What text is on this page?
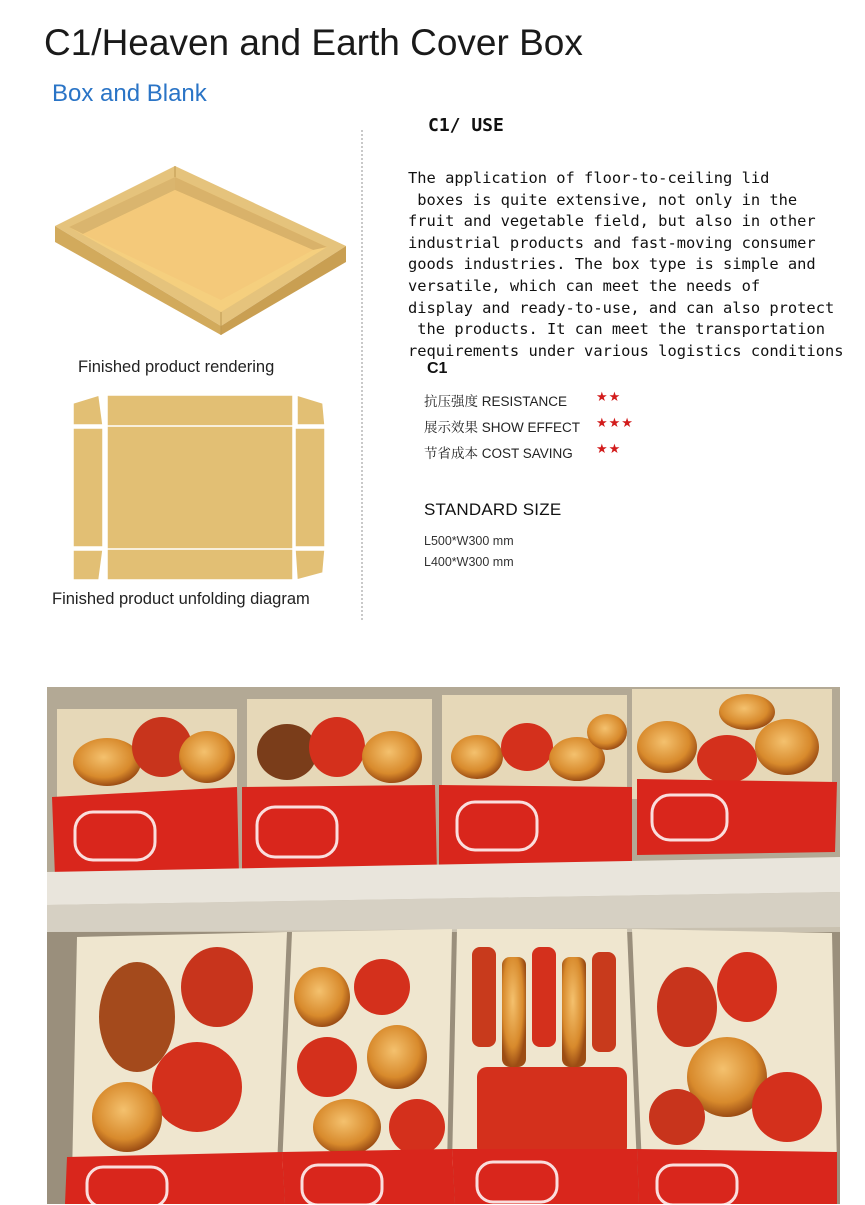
C1/Heaven and Earth Cover Box
Box and Blank
Finished product rendering
Finished product unfolding diagram
C1/ USE
The application of floor-to-ceiling lid
boxes is quite extensive, not only in the
fruit and vegetable field, but also in other
industrial products and fast-moving consumer
goods industries. The box type is simple and
versatile, which can meet the needs of
display and ready-to-use, and can also protect
the products. It can meet the transportation
requirements under various logistics conditions
C1
抗压强度 RESISTANCE ★★
展示效果 SHOW EFFECT ★★★
节省成本 COST SAVING ★★
STANDARD SIZE
L500*W300 mm
L400*W300 mm
